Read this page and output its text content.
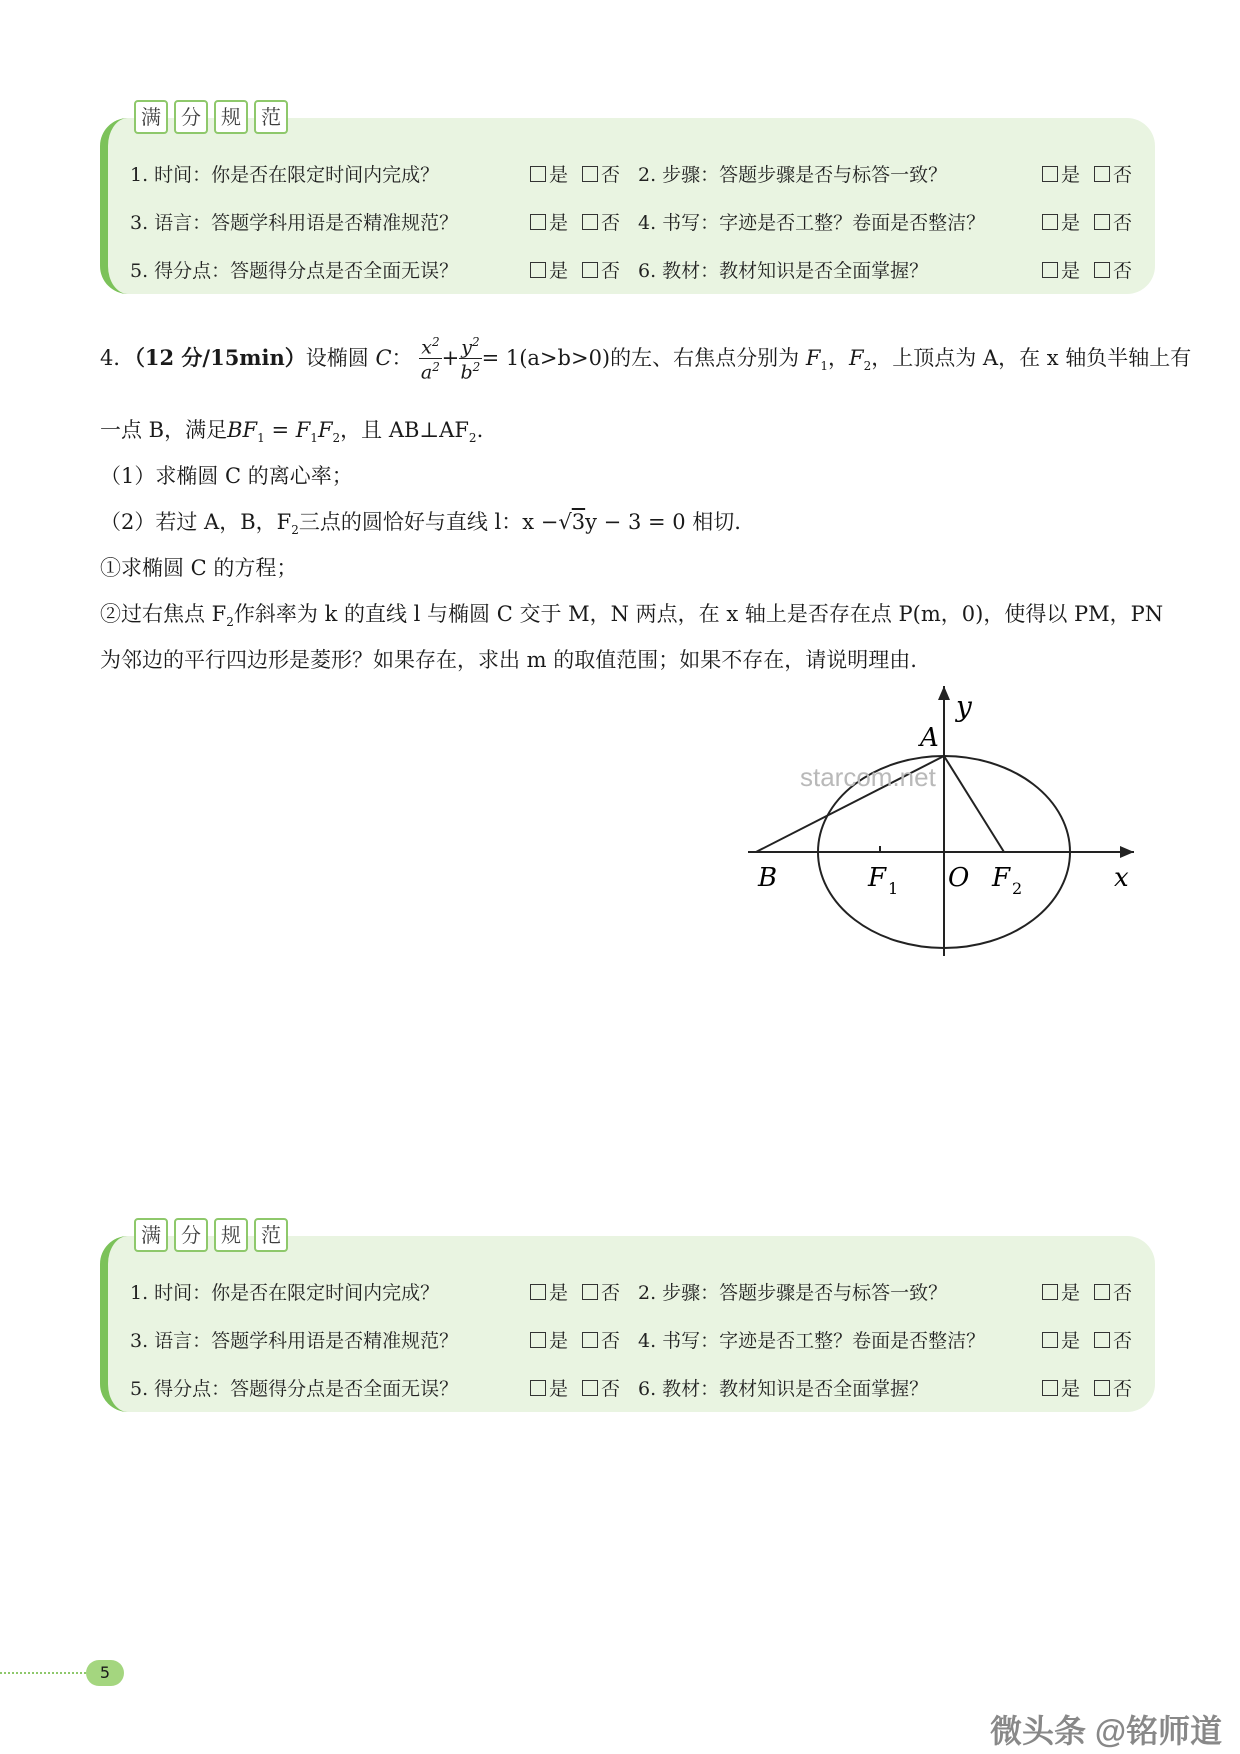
满	分	规	范
1. 时间：你是否在限定时间内完成？	是 否 2. 步骤：答题步骤是否与标答一致？	是 否
3. 语言：答题学科用语是否精准规范？	是 否 4. 书写：字迹是否工整？卷面是否整洁？	是 否
5. 得分点：答题得分点是否全面无误？	是 否 6. 教材：教材知识是否全面掌握？	是 否
4．（12 分/15min）设椭圆 C： $\frac{x^2}{a^2} + \frac{y^2}{b^2} = 1(a>b>0)$的左、右焦点分别为 $F_1$，$F_2$，上顶点为 A，在 x 轴负半轴上有
一点 B，满足$BF_1 = F_1F_2$，且 $AB\perp AF_2$.
（1）求椭圆 C 的离心率；
（2）若过 A，B，$F_2$三点的圆恰好与直线 l：x −√3y − 3 = 0 相切.
①求椭圆 C 的方程；
②过右焦点 $F_2$作斜率为 k 的直线 l 与椭圆 C 交于 M，N 两点，在 x 轴上是否存在点 P(m，0)，使得以 PM，PN
为邻边的平行四边形是菱形？如果存在，求出 m 的取值范围；如果不存在，请说明理由.
y
A
B	F 1 O F 2	x
starcom.net
满	分	规	范
1. 时间：你是否在限定时间内完成？	是 否 2. 步骤：答题步骤是否与标答一致？	是 否
3. 语言：答题学科用语是否精准规范？	是 否 4. 书写：字迹是否工整？卷面是否整洁？	是 否
5. 得分点：答题得分点是否全面无误？	是 否 6. 教材：教材知识是否全面掌握？	是 否
5
微头条 @铭师道
